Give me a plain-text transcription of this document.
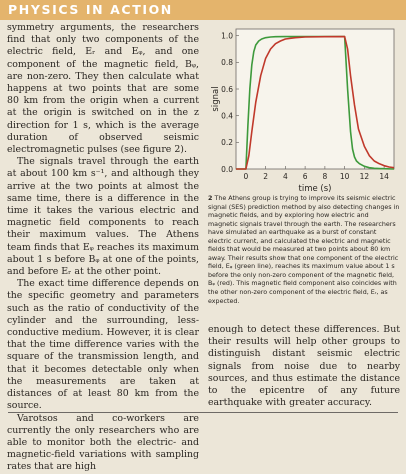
PHYSICS IN ACTION

symmetry arguments, the researchers find that only two components of the electric field, Eᵣ and Eᵩ, and one component of the magnetic field, Bᵩ, are non-zero. They then calculate what happens at two points that are some 80 km from the origin when a current at the origin is switched on in the z direction for 1 s, which is the average duration of observed seismic electromagnetic pulses (see figure 2).

The signals travel through the earth at about 100 km s⁻¹, and although they arrive at the two points at almost the same time, there is a difference in the time it takes the various electric and magnetic field components to reach their maximum values. The Athens team finds that Eᵩ reaches its maximum about 1 s before Bᵩ at one of the points, and before Eᵣ at the other point.

The exact time difference depends on the specific geometry and parameters such as the ratio of conductivity of the cylinder and the surrounding, less-conductive medium. However, it is clear that the time difference varies with the square of the transmission length, and that it becomes detectable only when the measurements are taken at distances of at least 80 km from the source.

Varotsos and co-workers are currently the only researchers who are able to monitor both the electric- and magnetic-field variations with sampling rates that are high

0.0
0.2
0.4
0.6
0.8
1.0
0 2 4 6 8 10 12 14
signal
time (s)
2 The Athens group is trying to improve its seismic electric signal (SES) prediction method by also detecting changes in magnetic fields, and by exploring how electric and magnetic signals travel through the earth. The researchers have simulated an earthquake as a burst of constant electric current, and calculated the electric and magnetic fields that would be measured at two points about 80 km away. Their results show that one component of the electric field, Eᵩ (green line), reaches its maximum value about 1 s before the only non-zero component of the magnetic field, Bᵩ (red). This magnetic field component also coincides with the other non-zero component of the electric field, Eᵣ, as expected.

enough to detect these differences. But their results will help other groups to distinguish distant seismic electric signals from noise due to nearby sources, and thus estimate the distance to the epicentre of any future earthquake with greater accuracy.
